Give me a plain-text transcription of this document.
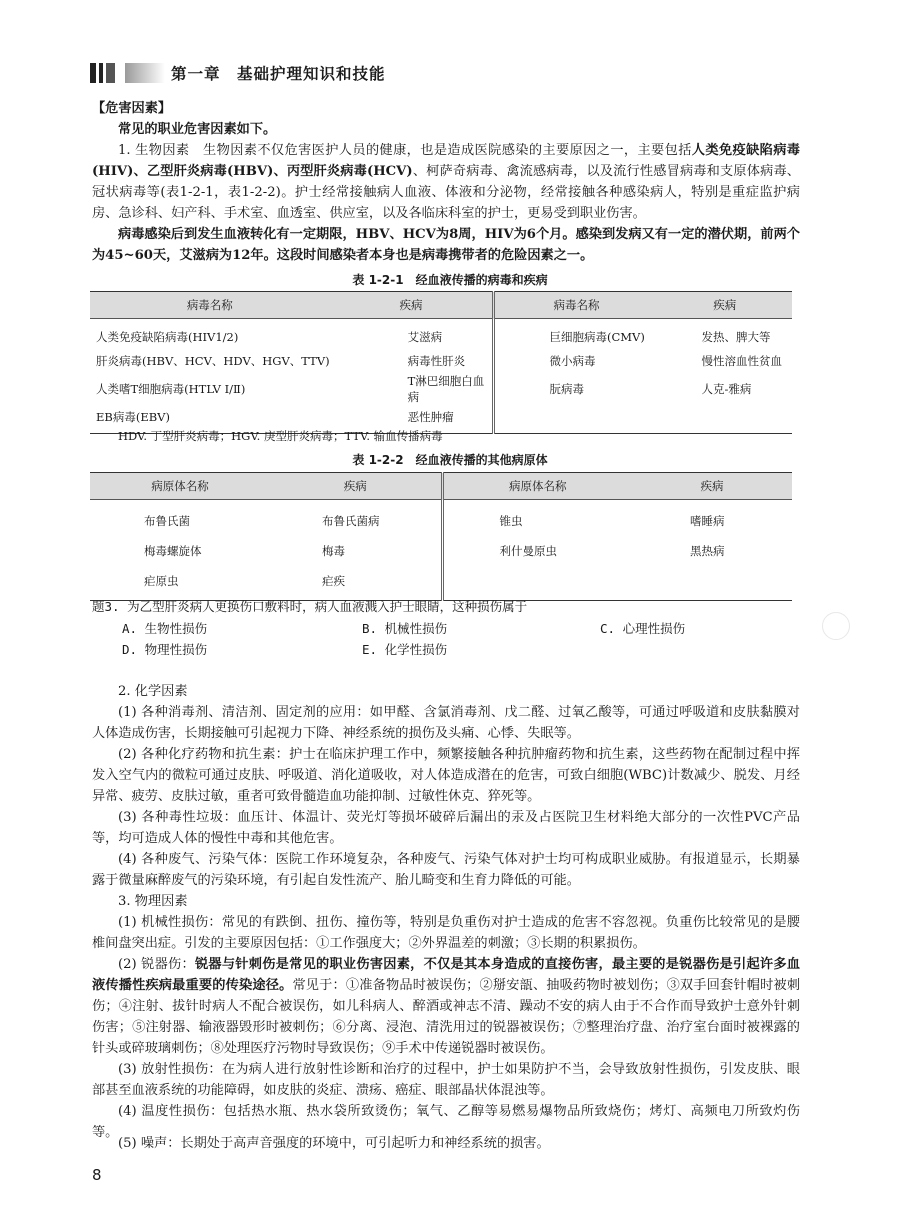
第一章　基础护理知识和技能
【危害因素】
常见的职业危害因素如下。
1. 生物因素　生物因素不仅危害医护人员的健康，也是造成医院感染的主要原因之一，主要包括人类免疫缺陷病毒(HIV)、乙型肝炎病毒(HBV)、丙型肝炎病毒(HCV)、柯萨奇病毒、禽流感病毒，以及流行性感冒病毒和支原体病毒、冠状病毒等(表1-2-1，表1-2-2)。护士经常接触病人血液、体液和分泌物，经常接触各种感染病人，特别是重症监护病房、急诊科、妇产科、手术室、血透室、供应室，以及各临床科室的护士，更易受到职业伤害。
病毒感染后到发生血液转化有一定期限，HBV、HCV为8周，HIV为6个月。感染到发病又有一定的潜伏期，前两个为45~60天，艾滋病为12年。这段时间感染者本身也是病毒携带者的危险因素之一。
表 1-2-1　经血液传播的病毒和疾病
病毒名称	疾病	病毒名称	疾病
人类免疫缺陷病毒(HIV1/2)	艾滋病	巨细胞病毒(CMV)	发热、脾大等
肝炎病毒(HBV、HCV、HDV、HGV、TTV)	病毒性肝炎	微小病毒	慢性溶血性贫血
人类嗜T细胞病毒(HTLV Ⅰ/Ⅱ)	T淋巴细胞白血病	朊病毒	人克-雅病
EB病毒(EBV)	恶性肿瘤		
HDV. 丁型肝炎病毒；HGV. 庚型肝炎病毒；TTV. 输血传播病毒
表 1-2-2　经血液传播的其他病原体
病原体名称	疾病	病原体名称	疾病
布鲁氏菌	布鲁氏菌病	锥虫	嗜睡病
梅毒螺旋体	梅毒	利什曼原虫	黑热病
疟原虫	疟疾		
题3. 为乙型肝炎病人更换伤口敷料时，病人血液溅入护士眼睛，这种损伤属于
A. 生物性损伤	B. 机械性损伤	C. 心理性损伤
D. 物理性损伤	E. 化学性损伤
2. 化学因素
(1) 各种消毒剂、清洁剂、固定剂的应用：如甲醛、含氯消毒剂、戊二醛、过氧乙酸等，可通过呼吸道和皮肤黏膜对人体造成伤害，长期接触可引起视力下降、神经系统的损伤及头痛、心悸、失眠等。
(2) 各种化疗药物和抗生素：护士在临床护理工作中，频繁接触各种抗肿瘤药物和抗生素，这些药物在配制过程中挥发入空气内的微粒可通过皮肤、呼吸道、消化道吸收，对人体造成潜在的危害，可致白细胞(WBC)计数减少、脱发、月经异常、疲劳、皮肤过敏，重者可致骨髓造血功能抑制、过敏性休克、猝死等。
(3) 各种毒性垃圾：血压计、体温计、荧光灯等损坏破碎后漏出的汞及占医院卫生材料绝大部分的一次性PVC产品等，均可造成人体的慢性中毒和其他危害。
(4) 各种废气、污染气体：医院工作环境复杂，各种废气、污染气体对护士均可构成职业威胁。有报道显示，长期暴露于微量麻醉废气的污染环境，有引起自发性流产、胎儿畸变和生育力降低的可能。
3. 物理因素
(1) 机械性损伤：常见的有跌倒、扭伤、撞伤等，特别是负重伤对护士造成的危害不容忽视。负重伤比较常见的是腰椎间盘突出症。引发的主要原因包括：①工作强度大；②外界温差的刺激；③长期的积累损伤。
(2) 锐器伤：锐器与针刺伤是常见的职业伤害因素，不仅是其本身造成的直接伤害，最主要的是锐器伤是引起许多血液传播性疾病最重要的传染途径。常见于：①准备物品时被误伤；②掰安瓿、抽吸药物时被划伤；③双手回套针帽时被刺伤；④注射、拔针时病人不配合被误伤，如儿科病人、醉酒或神志不清、躁动不安的病人由于不合作而导致护士意外针刺伤害；⑤注射器、输液器毁形时被刺伤；⑥分离、浸泡、清洗用过的锐器被误伤；⑦整理治疗盘、治疗室台面时被裸露的针头或碎玻璃刺伤；⑧处理医疗污物时导致误伤；⑨手术中传递锐器时被误伤。
(3) 放射性损伤：在为病人进行放射性诊断和治疗的过程中，护士如果防护不当，会导致放射性损伤，引发皮肤、眼部甚至血液系统的功能障碍，如皮肤的炎症、溃疡、癌症、眼部晶状体混浊等。
(4) 温度性损伤：包括热水瓶、热水袋所致烫伤；氧气、乙醇等易燃易爆物品所致烧伤；烤灯、高频电刀所致灼伤等。
(5) 噪声：长期处于高声音强度的环境中，可引起听力和神经系统的损害。
8
